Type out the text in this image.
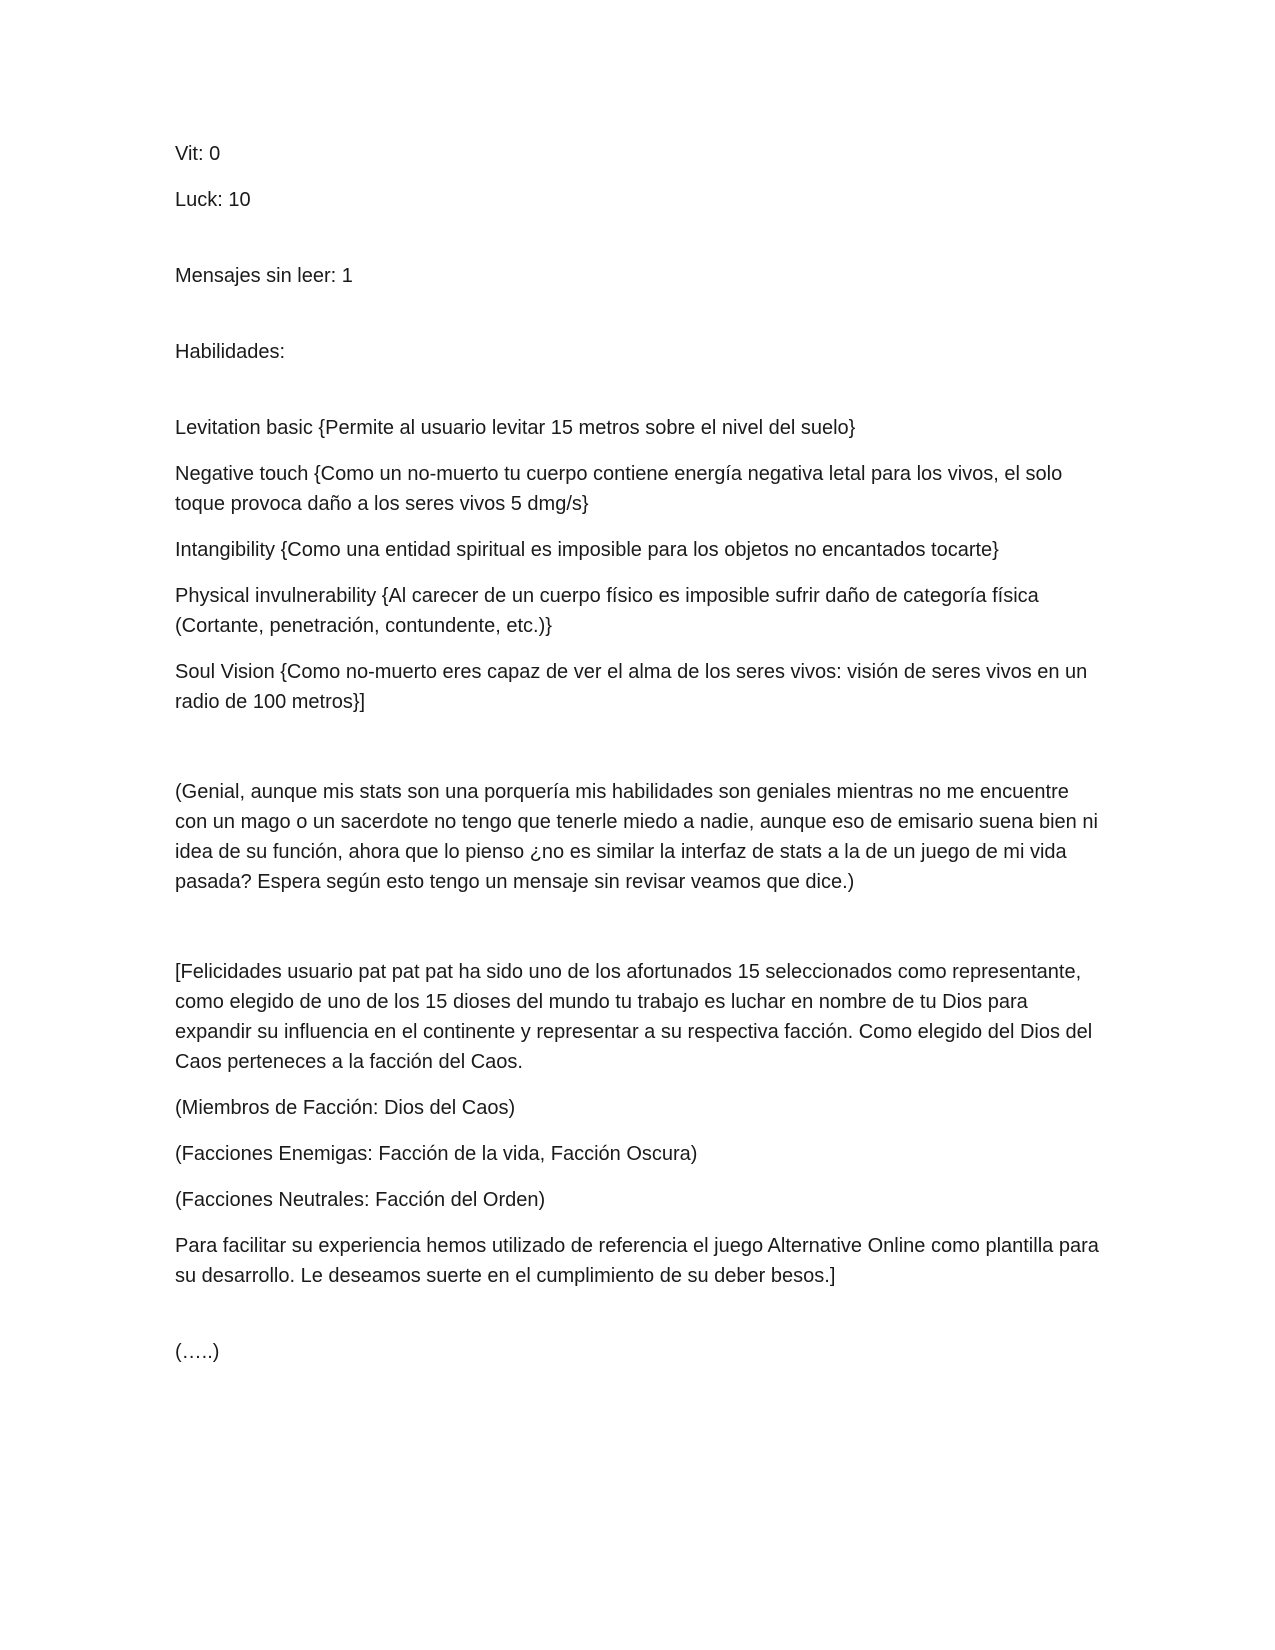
Vit: 0

Luck: 10

Mensajes sin leer: 1

Habilidades:

Levitation basic {Permite al usuario levitar 15 metros sobre el nivel del suelo}

Negative touch {Como un no-muerto tu cuerpo contiene energía negativa letal para los vivos, el solo toque provoca daño a los seres vivos 5 dmg/s}

Intangibility {Como una entidad spiritual es imposible para los objetos no encantados tocarte}

Physical invulnerability {Al carecer de un cuerpo físico es imposible sufrir daño de categoría física (Cortante, penetración, contundente, etc.)}

Soul Vision {Como no-muerto eres capaz de ver el alma de los seres vivos: visión de seres vivos en un radio de 100 metros}]

(Genial, aunque mis stats son una porquería mis habilidades son geniales mientras no me encuentre con un mago o un sacerdote no tengo que tenerle miedo a nadie, aunque eso de emisario suena bien ni idea de su función, ahora que lo pienso ¿no es similar la interfaz de stats a la de un juego de mi vida pasada? Espera según esto tengo un mensaje sin revisar veamos que dice.)

[Felicidades usuario pat pat pat ha sido uno de los afortunados 15 seleccionados como representante, como elegido de uno de los 15 dioses del mundo tu trabajo es luchar en nombre de tu Dios para expandir su influencia en el continente y representar a su respectiva facción. Como elegido del Dios del Caos perteneces a la facción del Caos.

(Miembros de Facción: Dios del Caos)

(Facciones Enemigas: Facción de la vida, Facción Oscura)

(Facciones Neutrales: Facción del Orden)

Para facilitar su experiencia hemos utilizado de referencia el juego Alternative Online como plantilla para su desarrollo. Le deseamos suerte en el cumplimiento de su deber besos.]

(…..)
